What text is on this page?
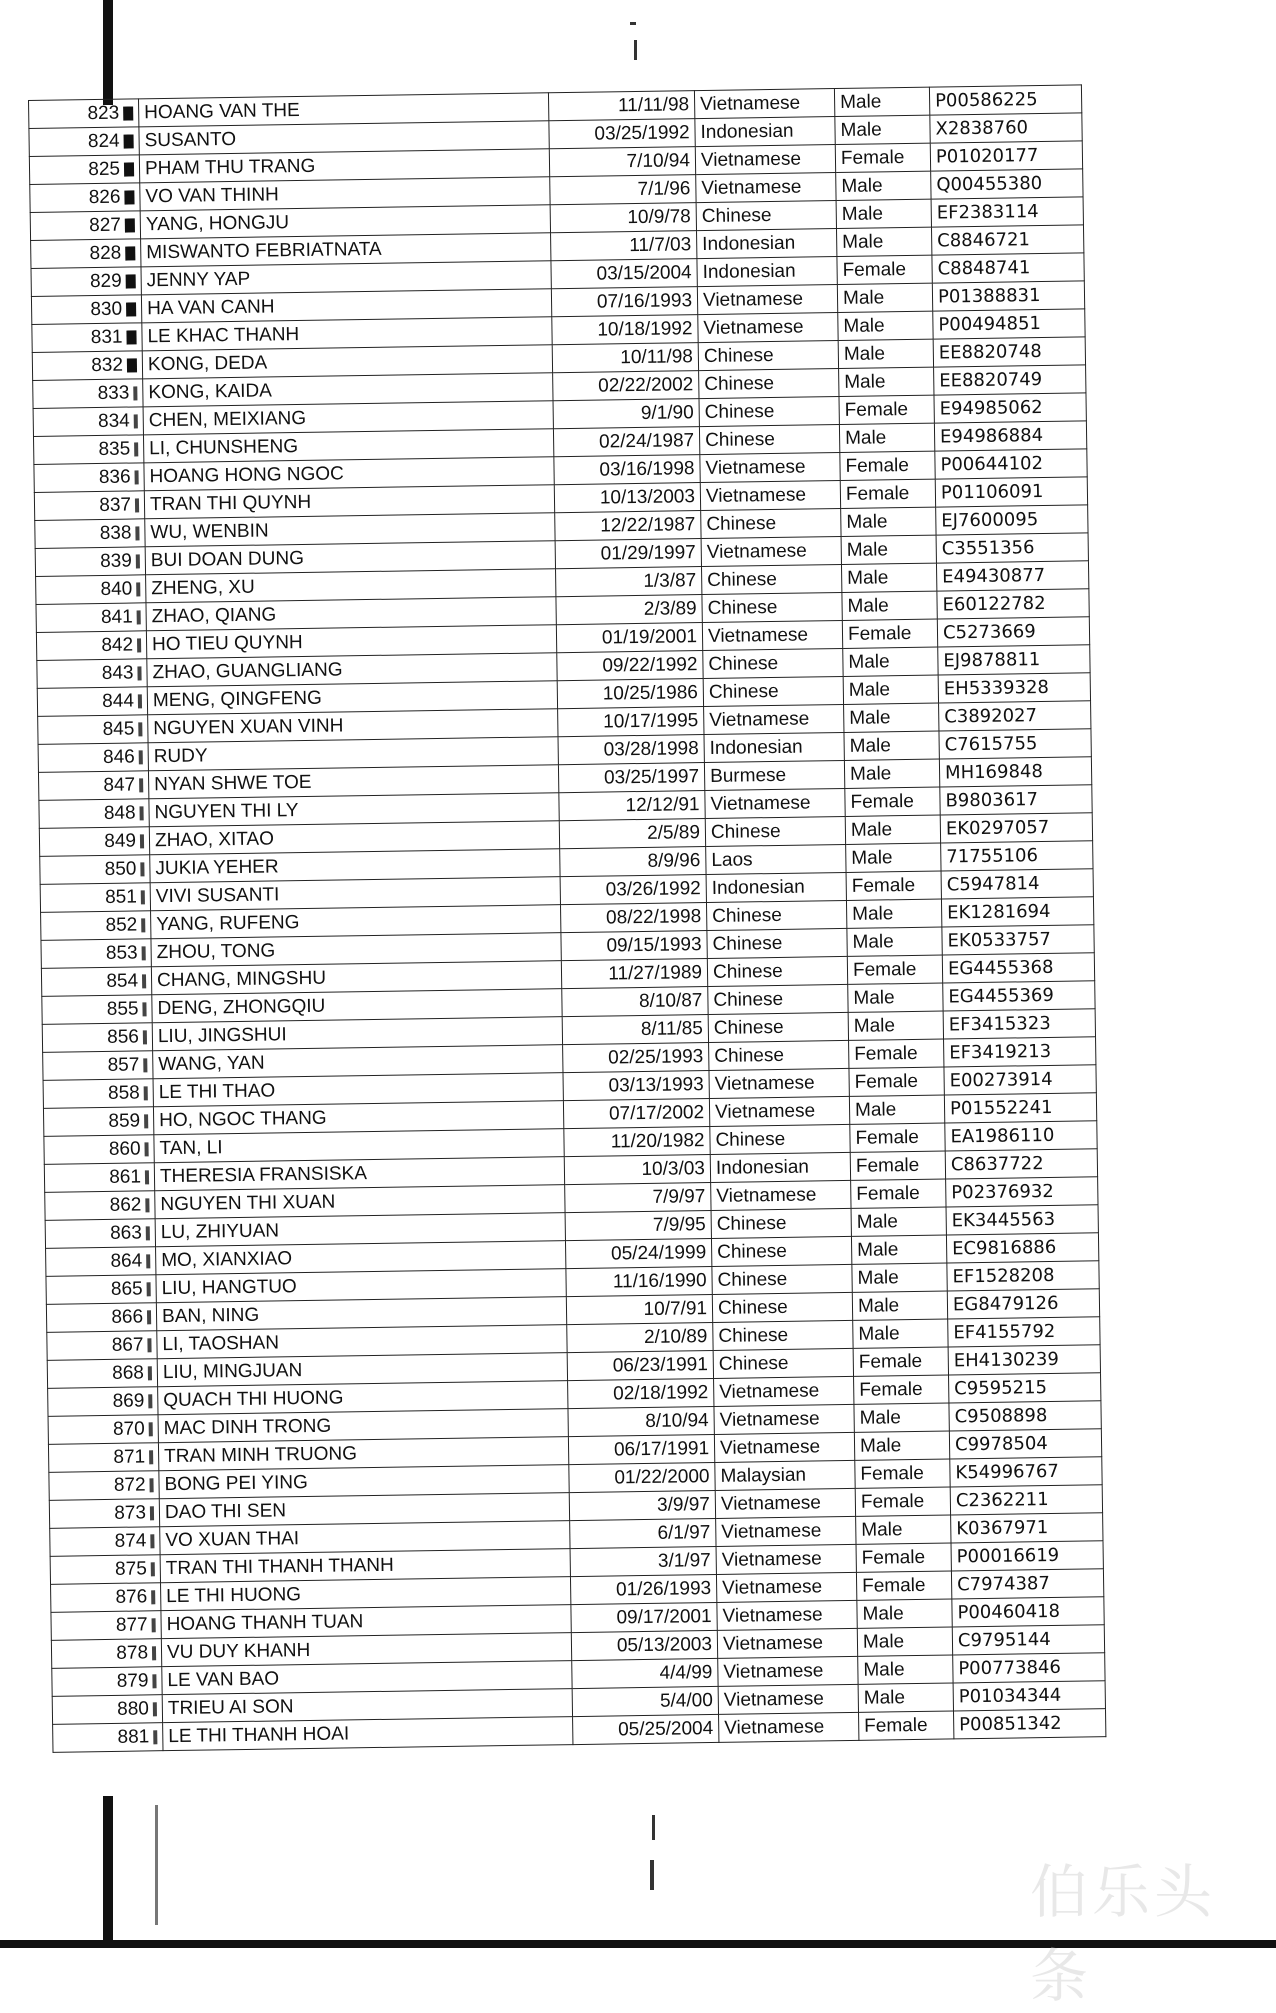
823	HOANG VAN THE	11/11/98	Vietnamese	Male	P00586225
824	SUSANTO	03/25/1992	Indonesian	Male	X2838760
825	PHAM THU TRANG	7/10/94	Vietnamese	Female	P01020177
826	VO VAN THINH	7/1/96	Vietnamese	Male	Q00455380
827	YANG, HONGJU	10/9/78	Chinese	Male	EF2383114
828	MISWANTO FEBRIATNATA	11/7/03	Indonesian	Male	C8846721
829	JENNY YAP	03/15/2004	Indonesian	Female	C8848741
830	HA VAN CANH	07/16/1993	Vietnamese	Male	P01388831
831	LE KHAC THANH	10/18/1992	Vietnamese	Male	P00494851
832	KONG, DEDA	10/11/98	Chinese	Male	EE8820748
833	KONG, KAIDA	02/22/2002	Chinese	Male	EE8820749
834	CHEN, MEIXIANG	9/1/90	Chinese	Female	E94985062
835	LI, CHUNSHENG	02/24/1987	Chinese	Male	E94986884
836	HOANG HONG NGOC	03/16/1998	Vietnamese	Female	P00644102
837	TRAN THI QUYNH	10/13/2003	Vietnamese	Female	P01106091
838	WU, WENBIN	12/22/1987	Chinese	Male	EJ7600095
839	BUI DOAN DUNG	01/29/1997	Vietnamese	Male	C3551356
840	ZHENG, XU	1/3/87	Chinese	Male	E49430877
841	ZHAO, QIANG	2/3/89	Chinese	Male	E60122782
842	HO TIEU QUYNH	01/19/2001	Vietnamese	Female	C5273669
843	ZHAO, GUANGLIANG	09/22/1992	Chinese	Male	EJ9878811
844	MENG, QINGFENG	10/25/1986	Chinese	Male	EH5339328
845	NGUYEN XUAN VINH	10/17/1995	Vietnamese	Male	C3892027
846	RUDY	03/28/1998	Indonesian	Male	C7615755
847	NYAN SHWE TOE	03/25/1997	Burmese	Male	MH169848
848	NGUYEN THI LY	12/12/91	Vietnamese	Female	B9803617
849	ZHAO, XITAO	2/5/89	Chinese	Male	EK0297057
850	JUKIA YEHER	8/9/96	Laos	Male	71755106
851	VIVI SUSANTI	03/26/1992	Indonesian	Female	C5947814
852	YANG, RUFENG	08/22/1998	Chinese	Male	EK1281694
853	ZHOU, TONG	09/15/1993	Chinese	Male	EK0533757
854	CHANG, MINGSHU	11/27/1989	Chinese	Female	EG4455368
855	DENG, ZHONGQIU	8/10/87	Chinese	Male	EG4455369
856	LIU, JINGSHUI	8/11/85	Chinese	Male	EF3415323
857	WANG, YAN	02/25/1993	Chinese	Female	EF3419213
858	LE THI THAO	03/13/1993	Vietnamese	Female	E00273914
859	HO, NGOC THANG	07/17/2002	Vietnamese	Male	P01552241
860	TAN, LI	11/20/1982	Chinese	Female	EA1986110
861	THERESIA FRANSISKA	10/3/03	Indonesian	Female	C8637722
862	NGUYEN THI XUAN	7/9/97	Vietnamese	Female	P02376932
863	LU, ZHIYUAN	7/9/95	Chinese	Male	EK3445563
864	MO, XIANXIAO	05/24/1999	Chinese	Male	EC9816886
865	LIU, HANGTUO	11/16/1990	Chinese	Male	EF1528208
866	BAN, NING	10/7/91	Chinese	Male	EG8479126
867	LI, TAOSHAN	2/10/89	Chinese	Male	EF4155792
868	LIU, MINGJUAN	06/23/1991	Chinese	Female	EH4130239
869	QUACH THI HUONG	02/18/1992	Vietnamese	Female	C9595215
870	MAC DINH TRONG	8/10/94	Vietnamese	Male	C9508898
871	TRAN MINH TRUONG	06/17/1991	Vietnamese	Male	C9978504
872	BONG PEI YING	01/22/2000	Malaysian	Female	K54996767
873	DAO THI SEN	3/9/97	Vietnamese	Female	C2362211
874	VO XUAN THAI	6/1/97	Vietnamese	Male	K0367971
875	TRAN THI THANH THANH	3/1/97	Vietnamese	Female	P00016619
876	LE THI HUONG	01/26/1993	Vietnamese	Female	C7974387
877	HOANG THANH TUAN	09/17/2001	Vietnamese	Male	P00460418
878	VU DUY KHANH	05/13/2003	Vietnamese	Male	C9795144
879	LE VAN BAO	4/4/99	Vietnamese	Male	P00773846
880	TRIEU AI SON	5/4/00	Vietnamese	Male	P01034344
881	LE THI THANH HOAI	05/25/2004	Vietnamese	Female	P00851342
伯乐头条
